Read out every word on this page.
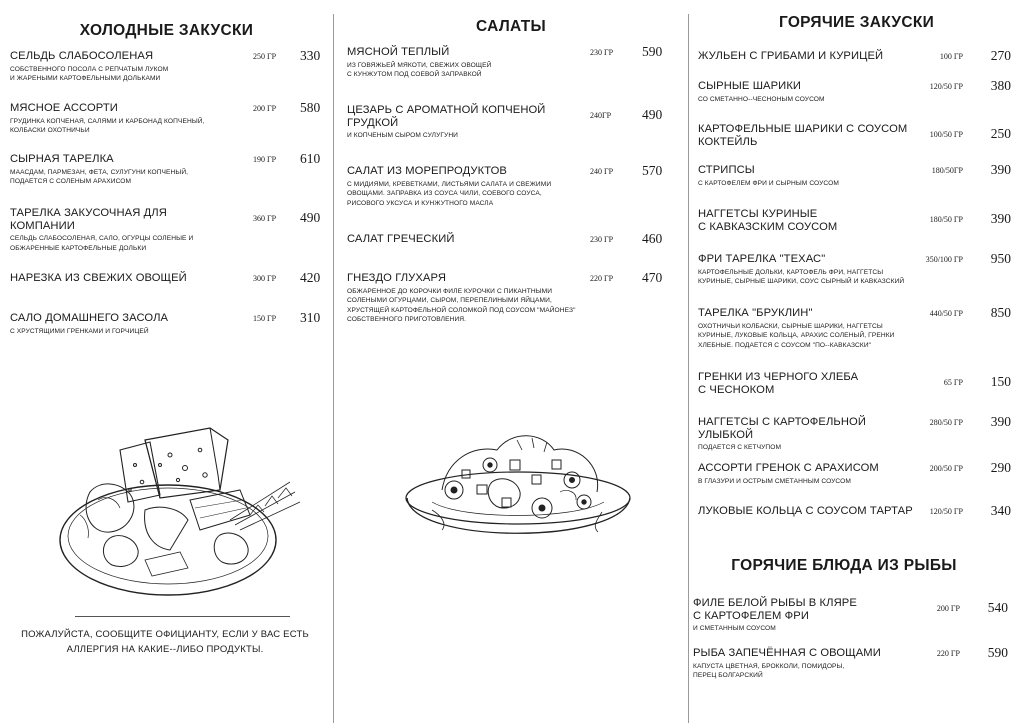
ХОЛОДНЫЕ ЗАКУСКИ	САЛАТЫ	ГОРЯЧИЕ ЗАКУСКИ
ГОРЯЧИЕ БЛЮДА ИЗ РЫБЫ
СЕЛЬДЬ СЛАБОСОЛЕНАЯ
СОБСТВЕННОГО ПОСОЛА С РЕПЧАТЫМ ЛУКОМ
И ЖАРЕНЫМИ КАРТОФЕЛЬНЫМИ ДОЛЬКАМИ
250 ГР 330
МЯСНОЕ АССОРТИ
ГРУДИНКА КОПЧЕНАЯ, САЛЯМИ И КАРБОНАД КОПЧЕНЫЙ,
КОЛБАСКИ ОХОТНИЧЬИ
200 ГР 580
СЫРНАЯ ТАРЕЛКА
МААСДАМ, ПАРМЕЗАН, ФЕТА, СУЛУГУНИ КОПЧЕНЫЙ,
ПОДАЕТСЯ С СОЛЕНЫМ АРАХИСОМ
190 ГР 610
ТАРЕЛКА ЗАКУСОЧНАЯ ДЛЯ
КОМПАНИИ
СЕЛЬДЬ СЛАБОСОЛЕНАЯ, САЛО, ОГУРЦЫ СОЛЕНЫЕ И
ОБЖАРЕННЫЕ КАРТОФЕЛЬНЫЕ ДОЛЬКИ
360 ГР 490
НАРЕЗКА ИЗ СВЕЖИХ ОВОЩЕЙ	300 ГР 420
САЛО ДОМАШНЕГО ЗАСОЛА
С ХРУСТЯЩИМИ ГРЕНКАМИ И ГОРЧИЦЕЙ
150 ГР 310
МЯСНОЙ ТЕПЛЫЙ
ИЗ ГОВЯЖЬЕЙ МЯКОТИ, СВЕЖИХ ОВОЩЕЙ
С КУНЖУТОМ ПОД СОЕВОЙ ЗАПРАВКОЙ
230 ГР 590
ЦЕЗАРЬ С АРОМАТНОЙ КОПЧЕНОЙ
ГРУДКОЙ
И КОПЧЕНЫМ СЫРОМ СУЛУГУНИ
240ГР 490
САЛАТ ИЗ МОРЕПРОДУКТОВ
С МИДИЯМИ, КРЕВЕТКАМИ, ЛИСТЬЯМИ САЛАТА И СВЕЖИМИ
ОВОЩАМИ. ЗАПРАВКА ИЗ СОУСА ЧИЛИ, СОЕВОГО СОУСА,
РИСОВОГО УКСУСА И КУНЖУТНОГО МАСЛА
240 ГР 570
САЛАТ ГРЕЧЕСКИЙ	230 ГР 460
ГНЕЗДО ГЛУХАРЯ
ОБЖАРЕННОЕ ДО КОРОЧКИ ФИЛЕ КУРОЧКИ С ПИКАНТНЫМИ
СОЛЕНЫМИ ОГУРЦАМИ, СЫРОМ, ПЕРЕПЕЛИНЫМИ ЯЙЦАМИ,
ХРУСТЯЩЕЙ КАРТОФЕЛЬНОЙ СОЛОМКОЙ ПОД СОУСОМ "МАЙОНЕЗ"
СОБСТВЕННОГО ПРИГОТОВЛЕНИЯ.
220 ГР 470
ЖУЛЬЕН С ГРИБАМИ И КУРИЦЕЙ	100 ГР 270
СЫРНЫЕ ШАРИКИ
СО СМЕТАННО--ЧЕСНОНЫМ СОУСОМ
120/50 ГР 380
КАРТОФЕЛЬНЫЕ ШАРИКИ С СОУСОМ
КОКТЕЙЛЬ
100/50 ГР 250
СТРИПСЫ
С КАРТОФЕЛЕМ ФРИ И СЫРНЫМ СОУСОМ
180/50ГР 390
НАГГЕТСЫ КУРИНЫЕ
С КАВКАЗСКИМ СОУСОМ
180/50 ГР 390
ФРИ ТАРЕЛКА "ТЕХАС"
КАРТОФЕЛЬНЫЕ ДОЛЬКИ, КАРТОФЕЛЬ ФРИ, НАГГЕТСЫ
КУРИНЫЕ, СЫРНЫЕ ШАРИКИ, СОУС СЫРНЫЙ И КАВКАЗСКИЙ
350/100 ГР 950
ТАРЕЛКА "БРУКЛИН"
ОХОТНИЧЬИ КОЛБАСКИ, СЫРНЫЕ ШАРИКИ, НАГГЕТСЫ
КУРИНЫЕ, ЛУКОВЫЕ КОЛЬЦА, АРАХИС СОЛЕНЫЙ, ГРЕНКИ
ХЛЕБНЫЕ. ПОДАЕТСЯ С СОУСОМ "ПО--КАВКАЗСКИ"
440/50 ГР 850
ГРЕНКИ ИЗ ЧЕРНОГО ХЛЕБА
С ЧЕСНОКОМ
65 ГР 150
НАГГЕТСЫ С КАРТОФЕЛЬНОЙ УЛЫБКОЙ
ПОДАЕТСЯ С КЕТЧУПОМ
280/50 ГР 390
АССОРТИ ГРЕНОК С АРАХИСОМ
В ГЛАЗУРИ И ОСТРЫМ СМЕТАННЫМ СОУСОМ
200/50 ГР 290
ЛУКОВЫЕ КОЛЬЦА С СОУСОМ ТАРТАР	120/50 ГР 340
ФИЛЕ БЕЛОЙ РЫБЫ В КЛЯРЕ
С КАРТОФЕЛЕМ ФРИ
И СМЕТАННЫМ СОУСОМ
200 ГР 540
РЫБА ЗАПЕЧЁННАЯ С ОВОЩАМИ
КАПУСТА ЦВЕТНАЯ, БРОККОЛИ, ПОМИДОРЫ,
ПЕРЕЦ БОЛГАРСКИЙ
220 ГР 590
ПОЖАЛУЙСТА, СООБЩИТЕ ОФИЦИАНТУ, ЕСЛИ У ВАС ЕСТЬ
АЛЛЕРГИЯ НА КАКИЕ--ЛИБО ПРОДУКТЫ.
